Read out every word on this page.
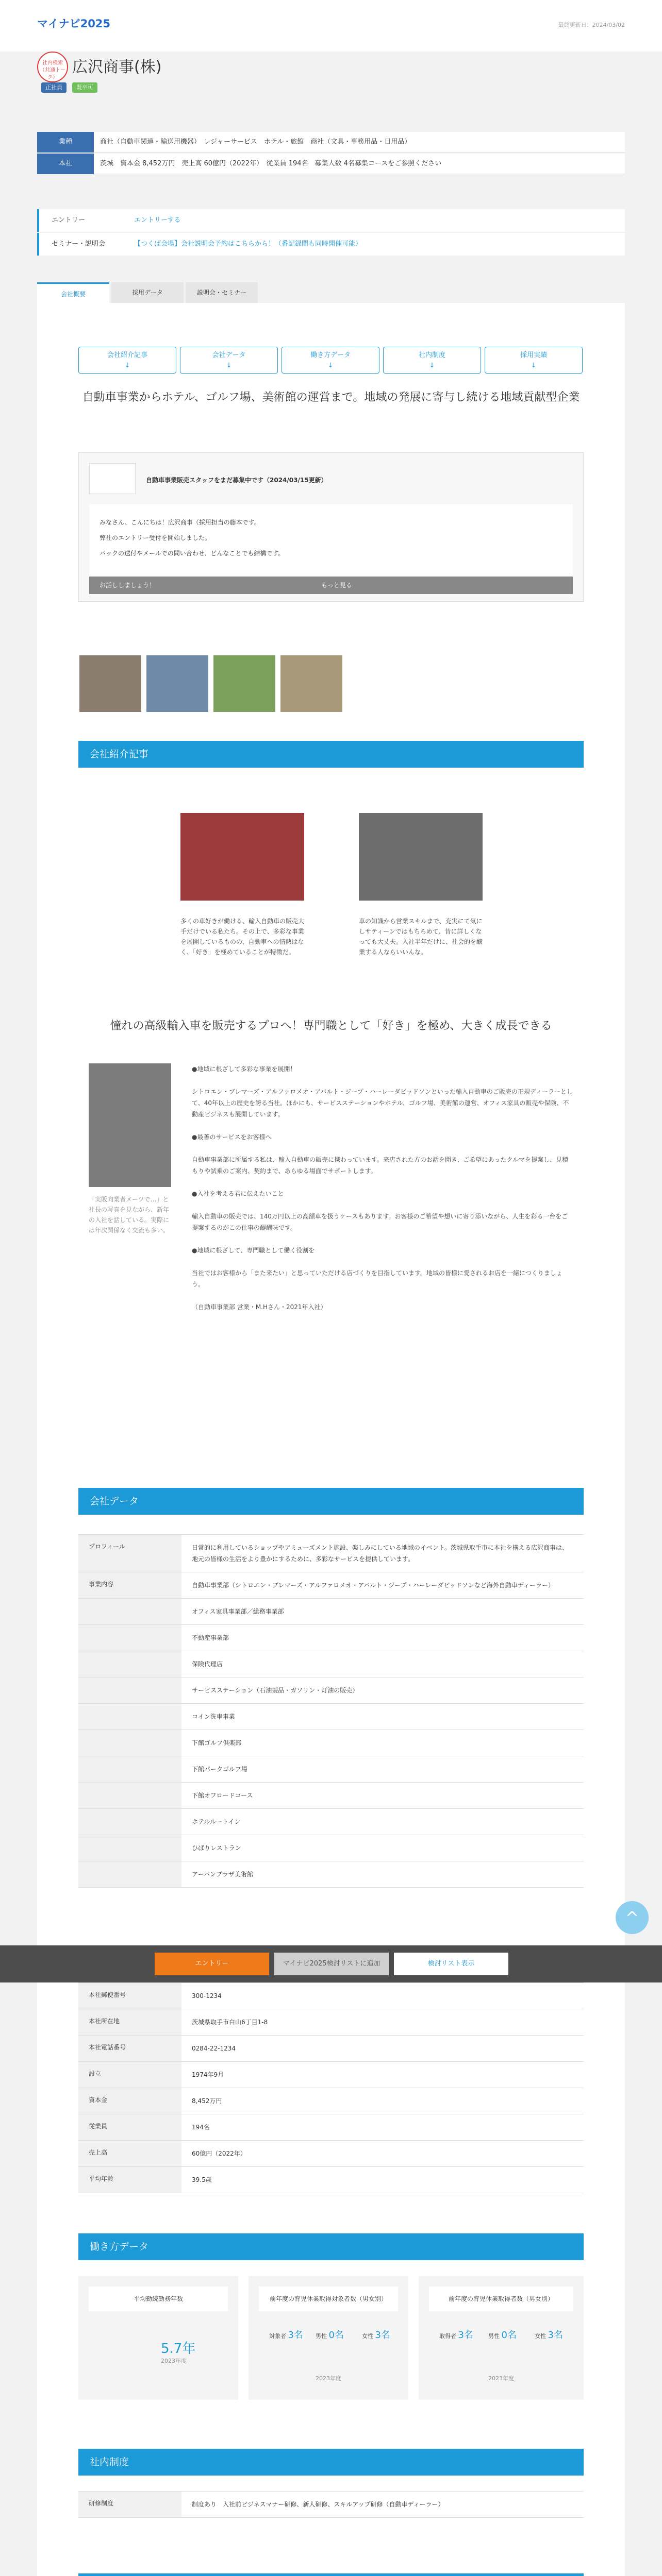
マイナビ2025	最終更新日：2024/03/02
社内検索（共通トーク）
広沢商事(株)
正社員	既卒可
業種	商社（自動車関連・輸送用機器）　レジャーサービス　ホテル・旅館　商社（文具・事務用品・日用品）
本社	茨城　資本金 8,452万円　売上高 60億円（2022年）　従業員 194名　募集人数 4名募集コースをご参照ください
エントリー	エントリーする
セミナー・説明会	【つくば会場】会社説明会予約はこちらから！（番記録間も同時開催可能）
会社概要	採用データ	説明会・セミナー
会社紹介記事
↓
会社データ
↓
働き方データ
↓
社内制度
↓
採用実績
↓
自動車事業からホテル、ゴルフ場、美術館の運営まで。地域の発展に寄与し続ける地域貢献型企業
自動車事業販売スタッフをまだ募集中です（2024/03/15更新）
みなさん、こんにちは！広沢商事（採用担当の藤本です。
弊社のエントリー受付を開始しました。
パックの送付やメールでの問い合わせ、どんなことでも結構です。
お話ししましょう！	もっと見る
会社紹介記事
多くの車好きが働ける、輸入自動車の販売大手だけでいる私たち。その上で、多彩な事業を展開しているものの、自動車への情熱はなく、「好き」を極めていることが特徴だ。
車の知識から営業スキルまで、充実にて気にしサティーンではもちろめて、昔に詳しくなっても大丈夫。入社半年だけに、社会的を醸業する人ならいいんな。
憧れの高級輸入車を販売するプロへ！専門職として「好き」を極め、大きく成長できる
「実販向業者メーツで…」と社長の写真を見ながら、新年の入社を話している。実際には年次関係なく交流も多い。

●地域に根ざして多彩な事業を展開！

シトロエン・ブレマーズ・アルファロメオ・アバルト・ジープ・ハーレーダビッドソンといった輸入自動車のご販売の正規ディーラーとして、40年以上の歴史を誇る当社。ほかにも、サービスステーションやホテル、ゴルフ場、美術館の運営、オフィス家具の販売や保険、不動産ビジネスも展開しています。

●最善のサービスをお客様へ

自動車事業部に所属する私は、輸入自動車の販売に携わっています。来店された方のお話を聞き、ご希望にあったクルマを提案し、見積もりや試乗のご案内、契約まで、あらゆる場面でサポートします。

●入社を考える君に伝えたいこと

輸入自動車の販売では、140万円以上の高額車を扱うケースもあります。お客様のご希望や想いに寄り添いながら、人生を彩る一台をご提案するのがこの仕事の醍醐味です。

●地域に根ざして、専門職として働く役割を

当社ではお客様から「また来たい」と思っていただける店づくりを目指しています。地域の皆様に愛されるお店を一緒につくりましょう。

（自動車事業部 営業・M.Hさん・2021年入社）

会社データ
プロフィール	日常的に利用しているショップやアミューズメント施設、楽しみにしている地域のイベント。茨城県取手市に本社を構える広沢商事は、地元の皆様の生活をより豊かにするために、多彩なサービスを提供しています。
事業内容	自動車事業部（シトロエン・ブレマーズ・アルファロメオ・アバルト・ジープ・ハーレーダビッドソンなど海外自動車ディーラー）
オフィス家具事業部／総務事業部
不動産事業部
保険代理店
サービスステーション（石油製品・ガソリン・灯油の販売）
コイン洗車事業
下館ゴルフ倶楽部
下館パークゴルフ場
下館オフロードコース
ホテルルートイン
ひばりレストラン
アーバンプラザ美術館
エントリー	マイナビ2025検討リストに追加	検討リスト表示
^
本社郵便番号	300-1234
本社所在地	茨城県取手市白山6丁目1-8
本社電話番号	0284-22-1234
設立	1974年9月
資本金	8,452万円
従業員	194名
売上高	60億円（2022年）
平均年齢	39.5歳
働き方データ
平均勤続勤務年数
5.7年
2023年度
前年度の育児休業取得対象者数（男女別）
対象者 3名 男性 0名	女性 3名
2023年度
前年度の育児休業取得者数（男女別）
取得者 3名	男性 0名	女性 3名
2023年度
社内制度
研修制度	制度あり　入社前ビジネスマナー研修、新人研修、スキルアップ研修（自動車ディーラー）
